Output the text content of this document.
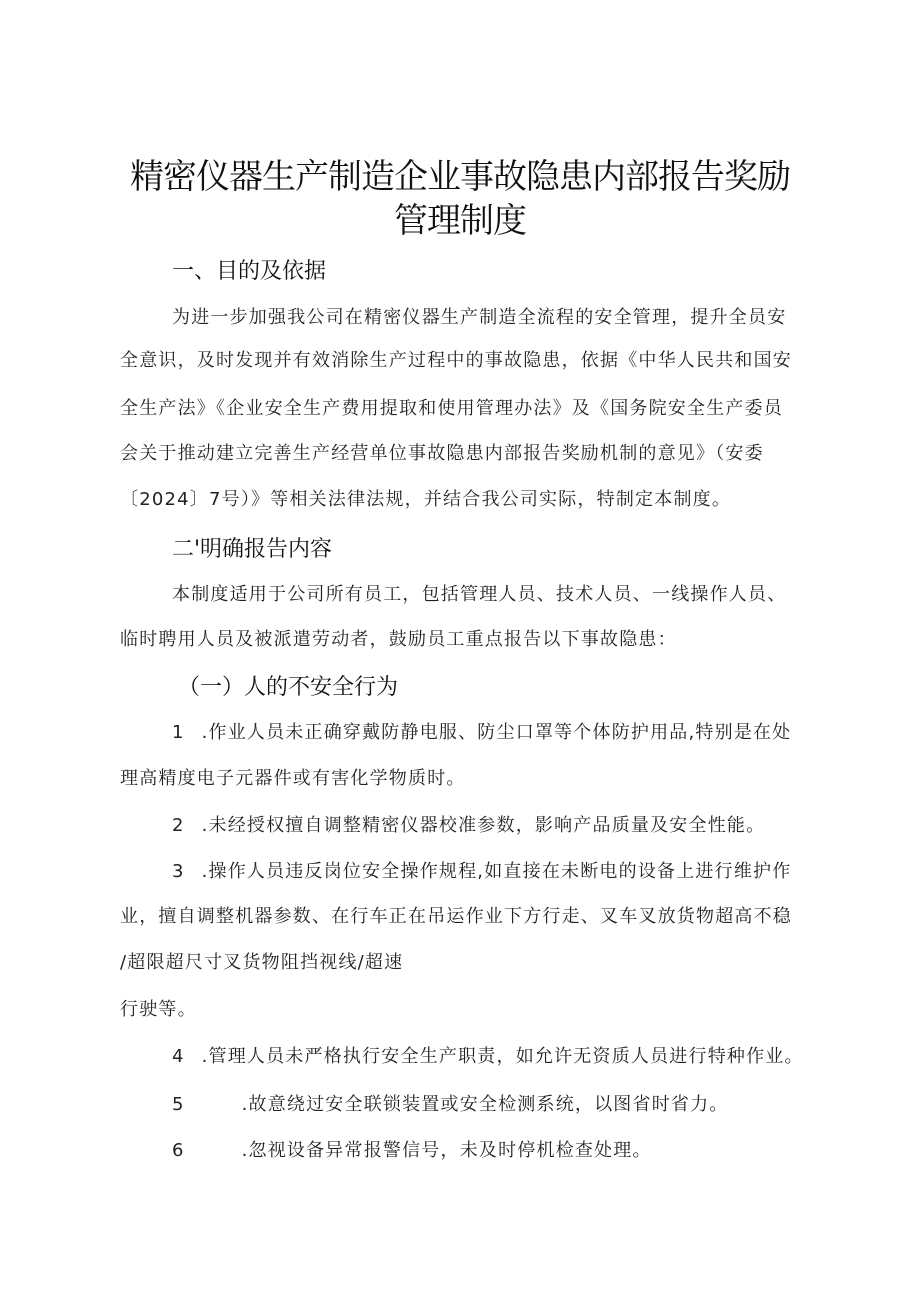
精密仪器生产制造企业事故隐患内部报告奖励
管理制度
一、目的及依据
为进一步加强我公司在精密仪器生产制造全流程的安全管理，提升全员安
全意识，及时发现并有效消除生产过程中的事故隐患，依据《中华人民共和国安
全生产法》《企业安全生产费用提取和使用管理办法》及《国务院安全生产委员
会关于推动建立完善生产经营单位事故隐患内部报告奖励机制的意见》（安委
〔2024〕7号）》等相关法律法规，并结合我公司实际，特制定本制度。
二'明确报告内容
本制度适用于公司所有员工，包括管理人员、技术人员、一线操作人员、
临时聘用人员及被派遣劳动者，鼓励员工重点报告以下事故隐患：
（一）人的不安全行为
1 .作业人员未正确穿戴防静电服、防尘口罩等个体防护用品,特别是在处
理高精度电子元器件或有害化学物质时。
2 .未经授权擅自调整精密仪器校准参数，影响产品质量及安全性能。
3 .操作人员违反岗位安全操作规程,如直接在未断电的设备上进行维护作
业，擅自调整机器参数、在行车正在吊运作业下方行走、叉车叉放货物超高不稳
/超限超尺寸叉货物阻挡视线/超速
行驶等。
4 .管理人员未严格执行安全生产职责，如允许无资质人员进行特种作业。
5	.故意绕过安全联锁装置或安全检测系统，以图省时省力。
6	.忽视设备异常报警信号，未及时停机检查处理。
